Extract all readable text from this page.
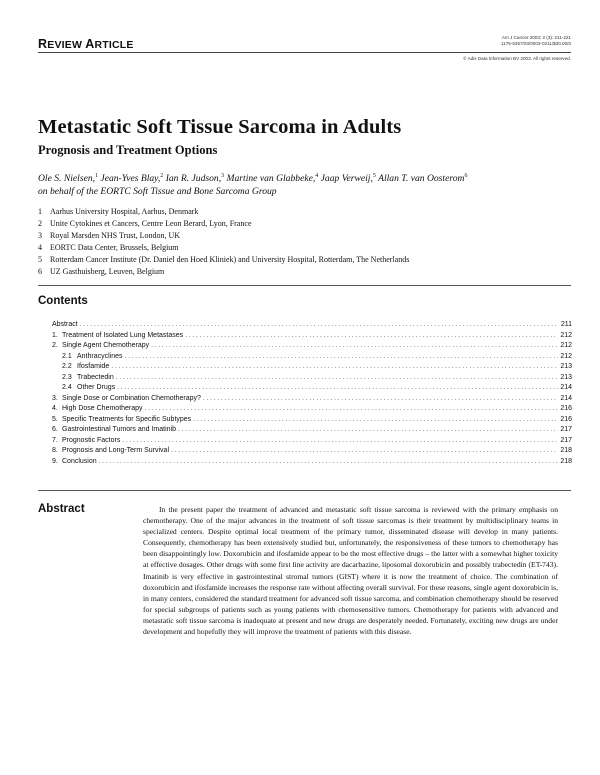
REVIEW ARTICLE
Am J Cancer 2003; 2 (3): 211-221
1175-6357/03/0003-0211/$30.00/0
© Adis Data Information BV 2003. All rights reserved.
Metastatic Soft Tissue Sarcoma in Adults
Prognosis and Treatment Options
Ole S. Nielsen,$^1$ Jean-Yves Blay,$^2$ Ian R. Judson,$^3$ Martine van Glabbeke,$^4$ Jaap Verweij,$^5$ Allan T. van Oosterom$^6$
on behalf of the EORTC Soft Tissue and Bone Sarcoma Group
1	Aarhus University Hospital, Aarhus, Denmark
2	Unite Cytokines et Cancers, Centre Leon Berard, Lyon, France
3	Royal Marsden NHS Trust, London, UK
4	EORTC Data Center, Brussels, Belgium
5	Rotterdam Cancer Institute (Dr. Daniel den Hoed Kliniek) and University Hospital, Rotterdam, The Netherlands
6	UZ Gasthuisberg, Leuven, Belgium
Contents
Abstract .....	211
1. Treatment of Isolated Lung Metastases .....	212
2. Single Agent Chemotherapy .....	212
2.1 Anthracyclines .....	212
2.2 Ifosfamide .....	213
2.3 Trabectedin .....	213
2.4 Other Drugs .....	214
3. Single Dose or Combination Chemotherapy? .....	214
4. High Dose Chemotherapy .....	216
5. Specific Treatments for Specific Subtypes .....	216
6. Gastrointestinal Tumors and Imatinib .....	217
7. Prognostic Factors .....	217
8. Prognosis and Long-Term Survival .....	218
9. Conclusion .....	218
Abstract	In the present paper the treatment of advanced and metastatic soft tissue sarcoma is reviewed with the primary emphasis on chemotherapy. One of the major advances in the treatment of soft tissue sarcomas is their treatment by multidisciplinary teams in specialized centers. Despite optimal local treatment of the primary tumor, disseminated disease will develop in many patients. Consequently, chemotherapy has been extensively studied but, unfortunately, the responsiveness of these tumors to chemotherapy has been disappointingly low. Doxorubicin and ifosfamide appear to be the most effective drugs – the latter with a somewhat higher toxicity at effective dosages. Other drugs with some first line activity are dacarbazine, liposomal doxorubicin and possibly trabectedin (ET-743). Imatinib is very effective in gastrointestinal stromal tumors (GIST) where it is now the treatment of choice. The combination of doxorubicin and ifosfamide increases the response rate without affecting overall survival. For these reasons, single agent doxorubicin is, in many centers, considered the standard treatment for advanced soft tissue sarcoma, and combination chemotherapy should be reserved for special subgroups of patients such as young patients with chemosensitive tumors. Chemotherapy for patients with advanced and metastatic soft tissue sarcoma is inadequate at present and new drugs are desperately needed. Fortunately, exciting new drugs are under development and hopefully they will improve the treatment of patients with this disease.
